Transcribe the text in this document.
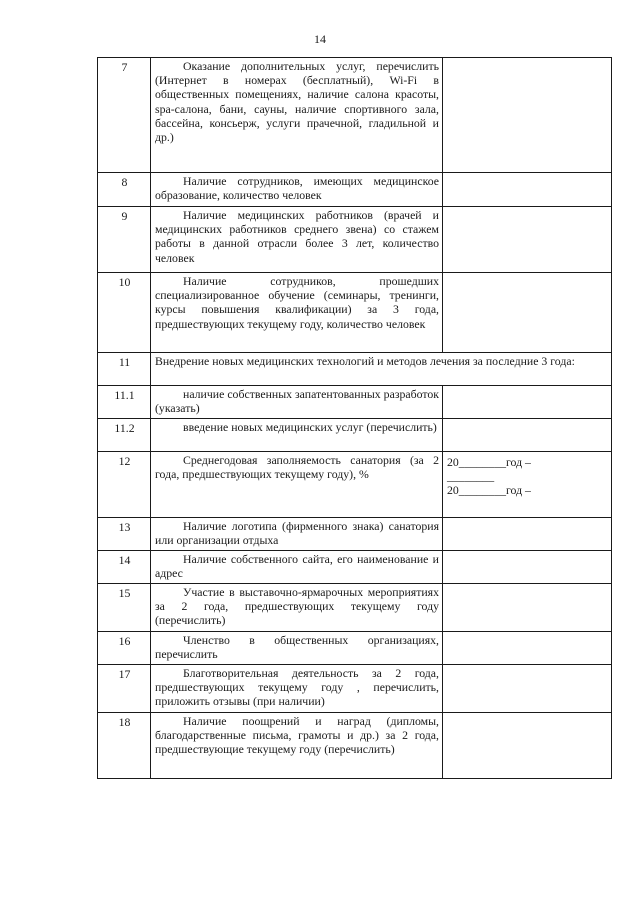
14
7	Оказание дополнительных услуг, перечислить (Интернет в номерах (бесплатный), Wi-Fi в общественных помещениях, наличие салона красоты, spa-салона, бани, сауны, наличие спортивного зала, бассейна, консьерж, услуги прачечной, гладильной и др.)	

8	Наличие сотрудников, имеющих медицинское образование, количество человек	

9	Наличие медицинских работников (врачей и медицинских работников среднего звена) со стажем работы в данной отрасли более 3 лет, количество человек	

10	Наличие сотрудников, прошедших специализированное обучение (семинары, тренинги, курсы повышения квалификации) за 3 года, предшествующих текущему году, количество человек	

11	Внедрение новых медицинских технологий и методов лечения за последние 3 года:	

11.1	наличие собственных запатентованных разработок (указать)	

11.2	введение новых медицинских услуг (перечислить)	

12	Среднегодовая заполняемость санатория (за 2 года, предшествующих текущему году), %	20________год –
________
20________год –

13	Наличие логотипа (фирменного знака) санатория или организации отдыха	

14	Наличие собственного сайта, его наименование и адрес	

15	Участие в выставочно-ярмарочных мероприятиях за 2 года, предшествующих текущему году (перечислить)	

16	Членство в общественных организациях, перечислить	

17	Благотворительная деятельность за 2 года, предшествующих текущему году , перечислить, приложить отзывы (при наличии)	

18	Наличие поощрений и наград (дипломы, благодарственные письма, грамоты и др.) за 2 года, предшествующие текущему году (перечислить)	
